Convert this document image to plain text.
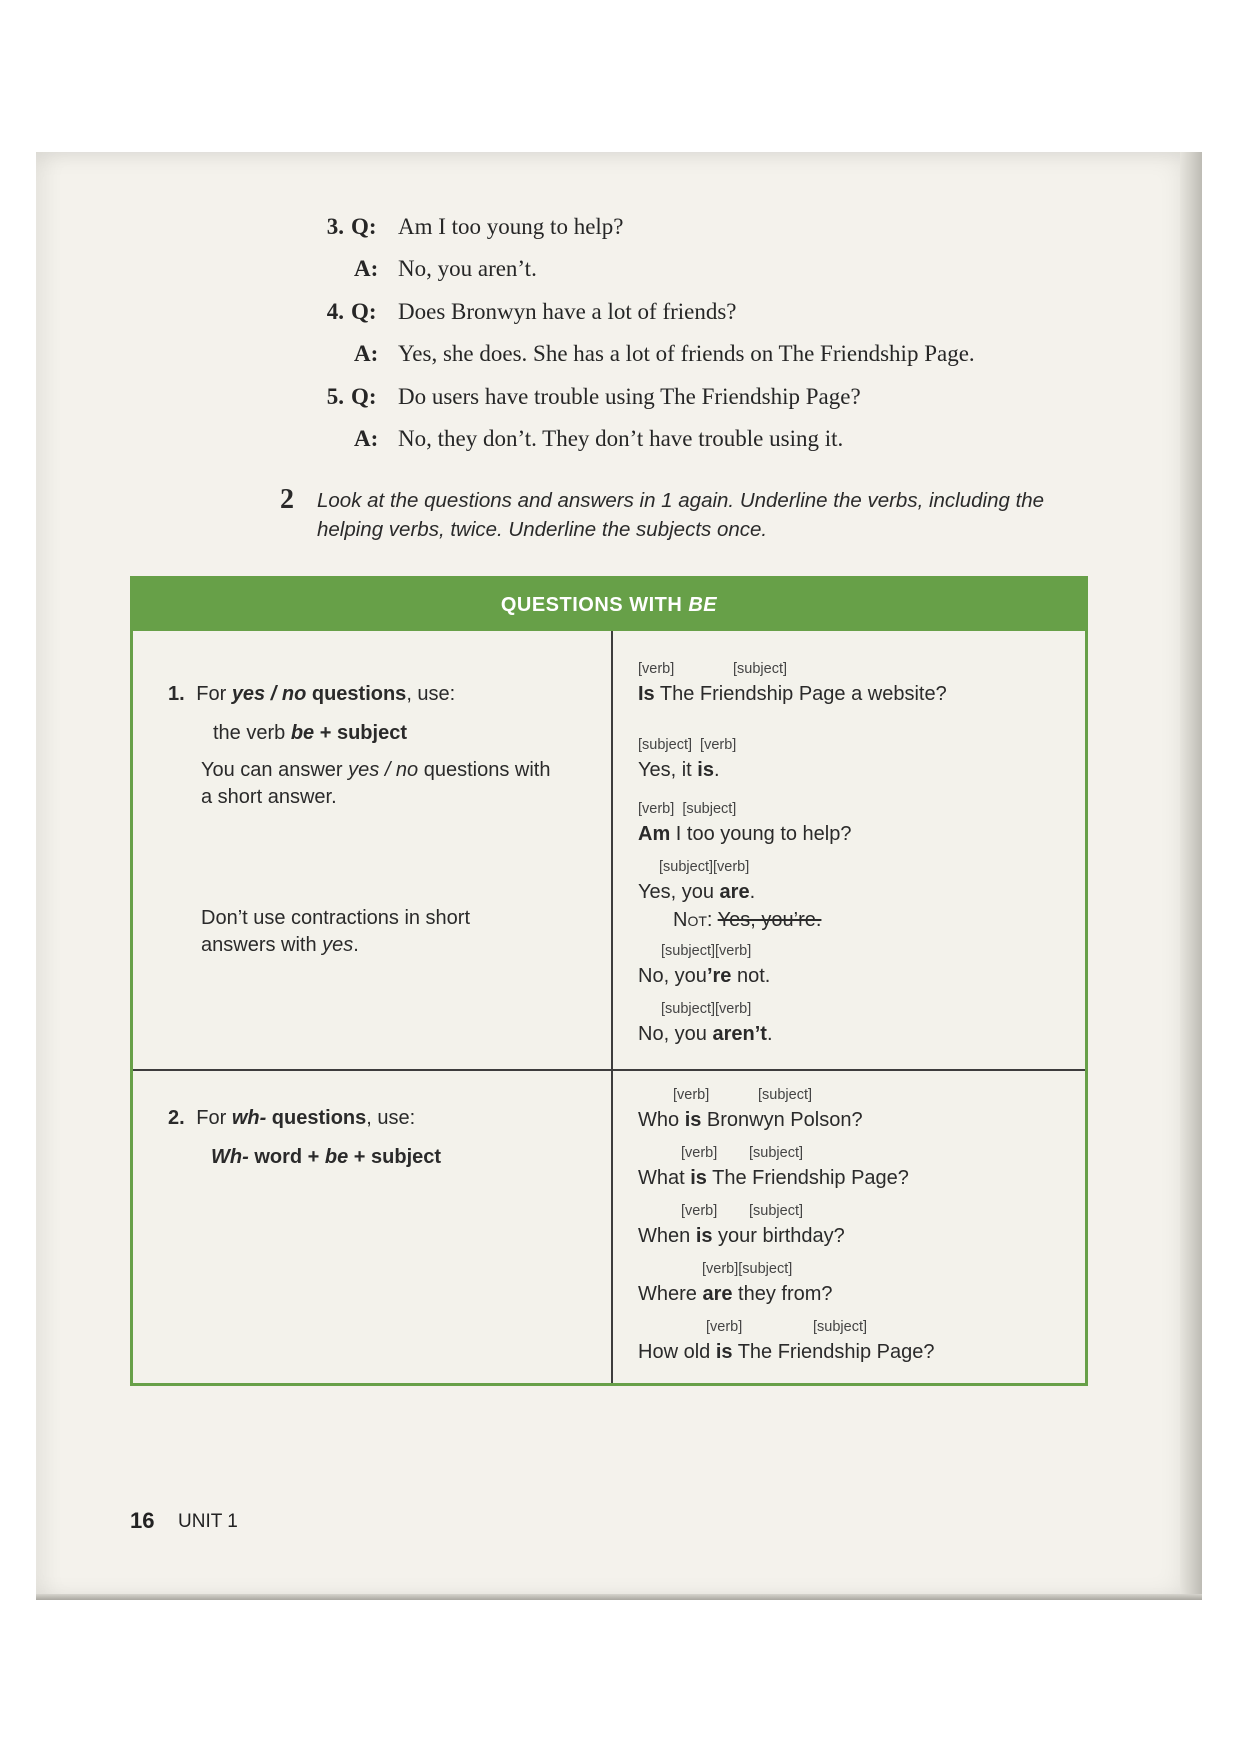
3. Q: Am I too young to help?
A: No, you aren’t.
4. Q: Does Bronwyn have a lot of friends?
A: Yes, she does. She has a lot of friends on The Friendship Page.
5. Q: Do users have trouble using The Friendship Page?
A: No, they don’t. They don’t have trouble using it.
2 Look at the questions and answers in 1 again. Underline the verbs, including the
helping verbs, twice. Underline the subjects once.
QUESTIONS WITH BE
1. For yes / no questions, use:
the verb be + subject
You can answer yes / no questions with
a short answer.
Don’t use contractions in short
answers with yes.
[verb]	[subject]
Is The Friendship Page a website?
[subject]  [verb]
Yes, it is.
[verb]  [subject]
Am I too young to help?
[subject][verb]
Yes, you are.
Not: Yes, you’re.
[subject][verb]
No, you’re not.
[subject][verb]
No, you aren’t.
2. For wh- questions, use:
Wh- word + be + subject
[verb]	[subject]
Who is Bronwyn Polson?
[verb] [subject]
What is The Friendship Page?
[verb] [subject]
When is your birthday?
[verb][subject]
Where are they from?
[verb]	[subject]
How old is The Friendship Page?
16 UNIT 1
